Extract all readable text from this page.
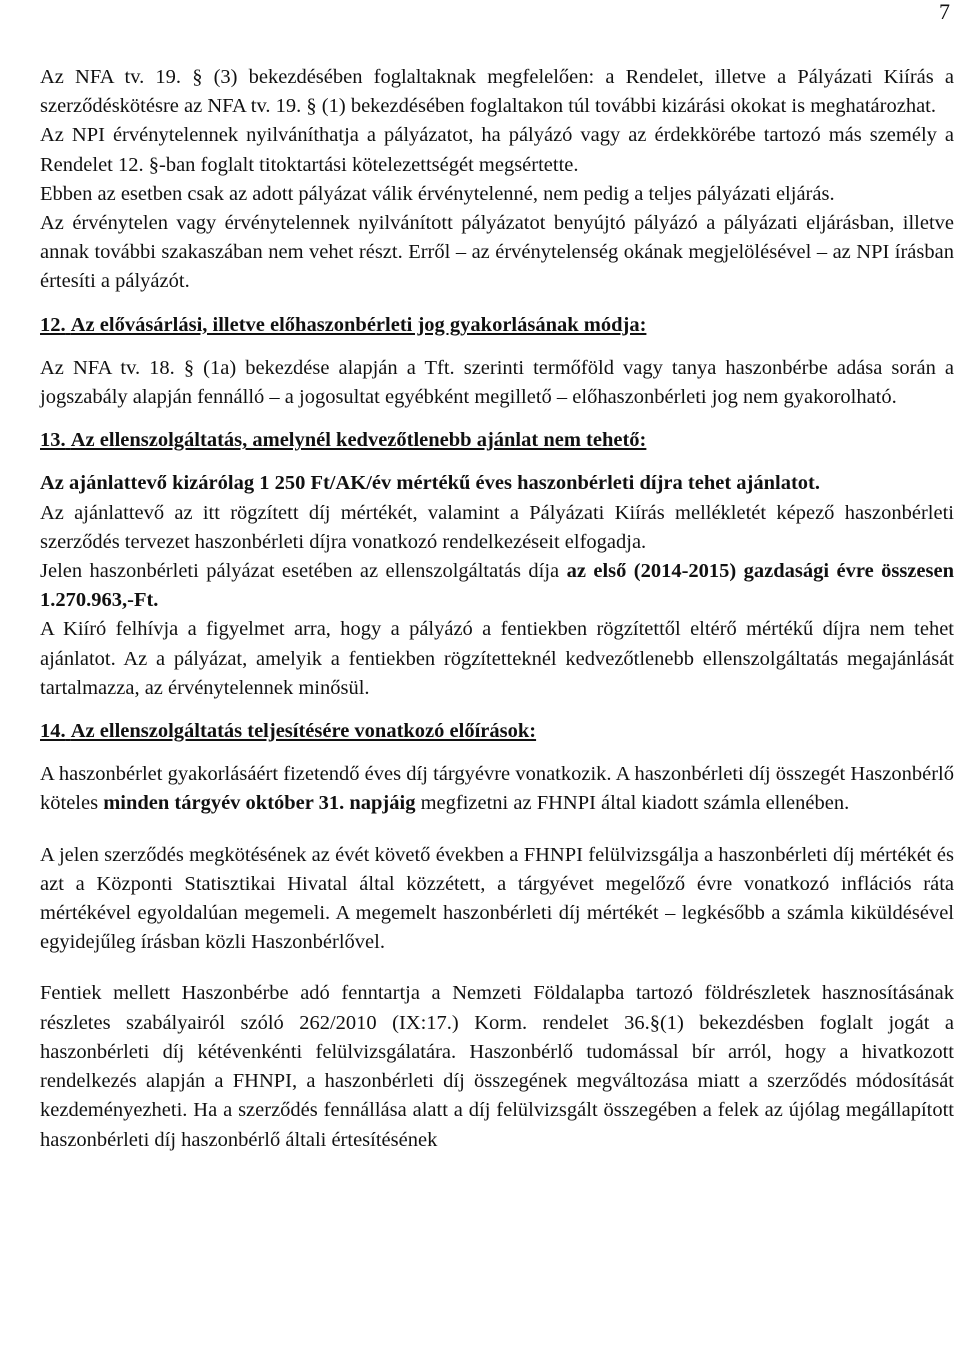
7

Az NFA tv. 19. § (3) bekezdésében foglaltaknak megfelelően: a Rendelet, illetve a Pályázati Kiírás a szerződéskötésre az NFA tv. 19. § (1) bekezdésében foglaltakon túl további kizárási okokat is meghatározhat.

Az NPI érvénytelennek nyilváníthatja a pályázatot, ha pályázó vagy az érdekkörébe tartozó más személy a Rendelet 12. §-ban foglalt titoktartási kötelezettségét megsértette.

Ebben az esetben csak az adott pályázat válik érvénytelenné, nem pedig a teljes pályázati eljárás.

Az érvénytelen vagy érvénytelennek nyilvánított pályázatot benyújtó pályázó a pályázati eljárásban, illetve annak további szakaszában nem vehet részt. Erről – az érvénytelenség okának megjelölésével – az NPI írásban értesíti a pályázót.

12. Az elővásárlási, illetve előhaszonbérleti jog gyakorlásának módja:

Az NFA tv. 18. § (1a) bekezdése alapján a Tft. szerinti termőföld vagy tanya haszonbérbe adása során a jogszabály alapján fennálló – a jogosultat egyébként megillető – előhaszonbérleti jog nem gyakorolható.

13. Az ellenszolgáltatás, amelynél kedvezőtlenebb ajánlat nem tehető:

Az ajánlattevő kizárólag 1 250 Ft/AK/év mértékű éves haszonbérleti díjra tehet ajánlatot.

Az ajánlattevő az itt rögzített díj mértékét, valamint a Pályázati Kiírás mellékletét képező haszonbérleti szerződés tervezet haszonbérleti díjra vonatkozó rendelkezéseit elfogadja.

Jelen haszonbérleti pályázat esetében az ellenszolgáltatás díja az első (2014-2015) gazdasági évre összesen 1.270.963,-Ft.

A Kiíró felhívja a figyelmet arra, hogy a pályázó a fentiekben rögzítettől eltérő mértékű díjra nem tehet ajánlatot. Az a pályázat, amelyik a fentiekben rögzítetteknél kedvezőtlenebb ellenszolgáltatás megajánlását tartalmazza, az érvénytelennek minősül.

14. Az ellenszolgáltatás teljesítésére vonatkozó előírások:

A haszonbérlet gyakorlásáért fizetendő éves díj tárgyévre vonatkozik. A haszonbérleti díj összegét Haszonbérlő köteles minden tárgyév október 31. napjáig megfizetni az FHNPI által kiadott számla ellenében.

A jelen szerződés megkötésének az évét követő években a FHNPI felülvizsgálja a haszonbérleti díj mértékét és azt a Központi Statisztikai Hivatal által közzétett, a tárgyévet megelőző évre vonatkozó inflációs ráta mértékével egyoldalúan megemeli. A megemelt haszonbérleti díj mértékét – legkésőbb a számla kiküldésével egyidejűleg írásban közli Haszonbérlővel.

Fentiek mellett Haszonbérbe adó fenntartja a Nemzeti Földalapba tartozó földrészletek hasznosításának részletes szabályairól szóló 262/2010 (IX:17.) Korm. rendelet 36.§(1) bekezdésben foglalt jogát a haszonbérleti díj kétévenkénti felülvizsgálatára. Haszonbérlő tudomással bír arról, hogy a hivatkozott rendelkezés alapján a FHNPI, a haszonbérleti díj összegének megváltozása miatt a szerződés módosítását kezdeményezheti. Ha a szerződés fennállása alatt a díj felülvizsgált összegében a felek az újólag megállapított haszonbérleti díj haszonbérlő általi értesítésének
